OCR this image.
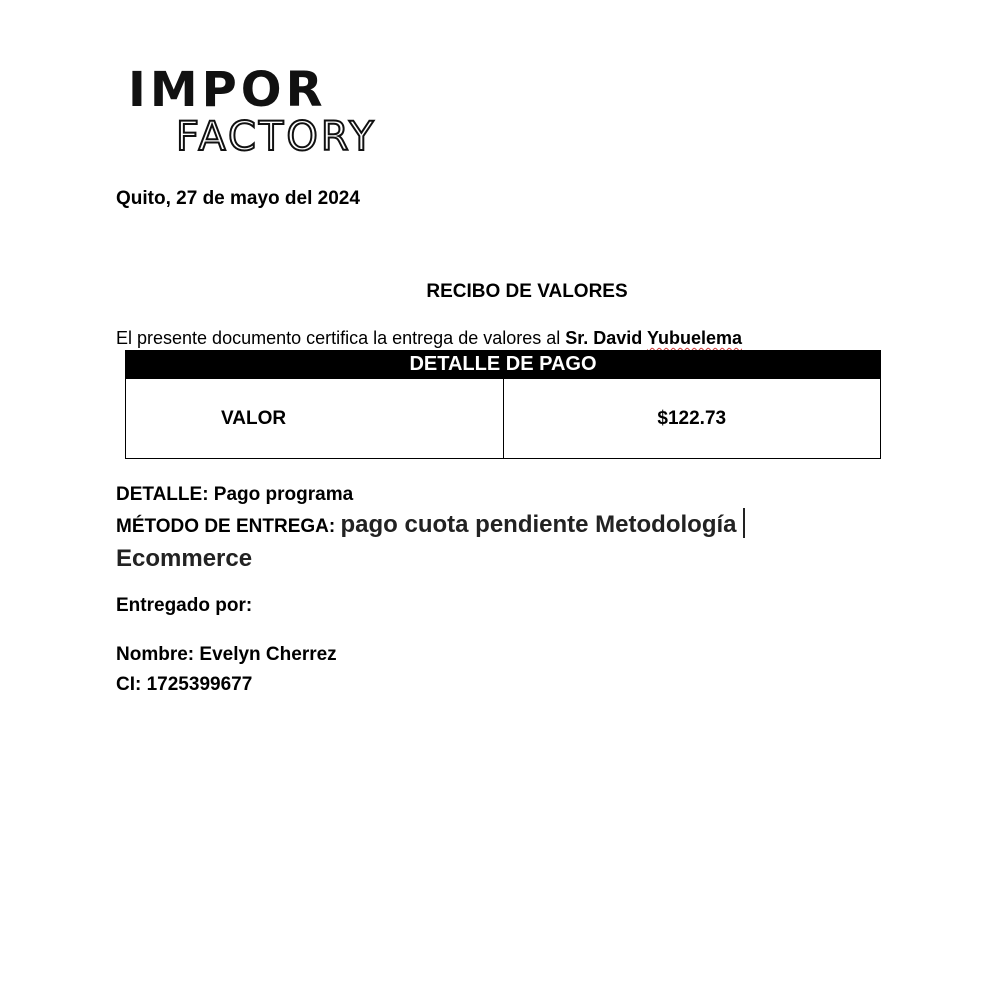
IMPOR
FACTORY

Quito, 27 de mayo del 2024

RECIBO DE VALORES

El presente documento certifica la entrega de valores al Sr. David Yubuelema

DETALLE DE PAGO
VALOR	$122.73

DETALLE: Pago programa

MÉTODO DE ENTREGA: pago cuota pendiente Metodología
Ecommerce

Entregado por:

Nombre: Evelyn Cherrez

CI: 1725399677
